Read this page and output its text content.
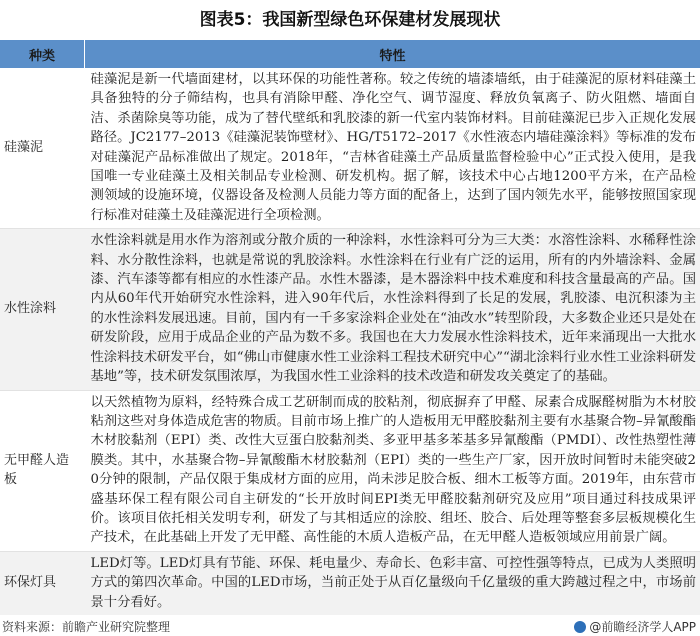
图表5：我国新型绿色环保建材发展现状
种类	特性
硅藻泥	硅藻泥是新一代墙面建材，以其环保的功能性著称。较之传统的墙漆墙纸，由于硅藻泥的原材料硅藻土具备独特的分子筛结构，也具有消除甲醛、净化空气、调节湿度、释放负氧离子、防火阻燃、墙面自洁、杀菌除臭等功能，成为了替代壁纸和乳胶漆的新一代室内装饰材料。目前硅藻泥已步入正规化发展路径。JC2177–2013《硅藻泥装饰壁材》、HG/T5172–2017《水性液态内墙硅藻涂料》等标准的发布对硅藻泥产品标准做出了规定。2018年，“吉林省硅藻土产品质量监督检验中心”正式投入使用，是我国唯一专业硅藻土及相关制品专业检测、研发机构。据了解，该技术中心占地1200平方米，在产品检测领域的设施环境，仪器设备及检测人员能力等方面的配备上，达到了国内领先水平，能够按照国家现行标准对硅藻土及硅藻泥进行全项检测。
水性涂料	水性涂料就是用水作为溶剂或分散介质的一种涂料，水性涂料可分为三大类：水溶性涂料、水稀释性涂料、水分散性涂料，也就是常说的乳胶涂料。水性涂料在行业有广泛的运用，所有的内外墙涂料、金属漆、汽车漆等都有相应的水性漆产品。水性木器漆，是木器涂料中技术难度和科技含量最高的产品。国内从60年代开始研究水性涂料，进入90年代后，水性涂料得到了长足的发展，乳胶漆、电沉积漆为主的水性涂料发展迅速。目前，国内有一千多家涂料企业处在“油改水”转型阶段，大多数企业还只是处在研发阶段，应用于成品企业的产品为数不多。我国也在大力发展水性涂料技术，近年来涌现出一大批水性涂料技术研发平台，如“佛山市健康水性工业涂料工程技术研究中心”“湖北涂料行业水性工业涂料研发基地”等，技术研发氛围浓厚，为我国水性工业涂料的技术改造和研发攻关奠定了的基础。
无甲醛人造板	以天然植物为原料，经特殊合成工艺研制而成的胶粘剂，彻底摒弃了甲醛、尿素合成脲醛树脂为木材胶粘剂这些对身体造成危害的物质。目前市场上推广的人造板用无甲醛胶黏剂主要有水基聚合物–异氰酸酯木材胶黏剂（EPI）类、改性大豆蛋白胶黏剂类、多亚甲基多苯基多异氰酸酯（PMDI）、改性热塑性薄膜类。其中，水基聚合物–异氰酸酯木材胶黏剂（EPI）类的一些生产厂家，因开放时间暂时未能突破20分钟的限制，产品仅限于集成材方面的应用，尚未涉足胶合板、细木工板等方面。2019年，由东营市盛基环保工程有限公司自主研发的“长开放时间EPI类无甲醛胶黏剂研究及应用”项目通过科技成果评价。该项目依托相关发明专利，研发了与其相适应的涂胶、组坯、胶合、后处理等整套多层板规模化生产技术，在此基础上开发了无甲醛、高性能的木质人造板产品，在无甲醛人造板领域应用前景广阔。
环保灯具	LED灯等。LED灯具有节能、环保、耗电量少、寿命长、色彩丰富、可控性强等特点，已成为人类照明方式的第四次革命。中国的LED市场，当前正处于从百亿量级向千亿量级的重大跨越过程之中，市场前景十分看好。
资料来源：前瞻产业研究院整理	@前瞻经济学人APP
